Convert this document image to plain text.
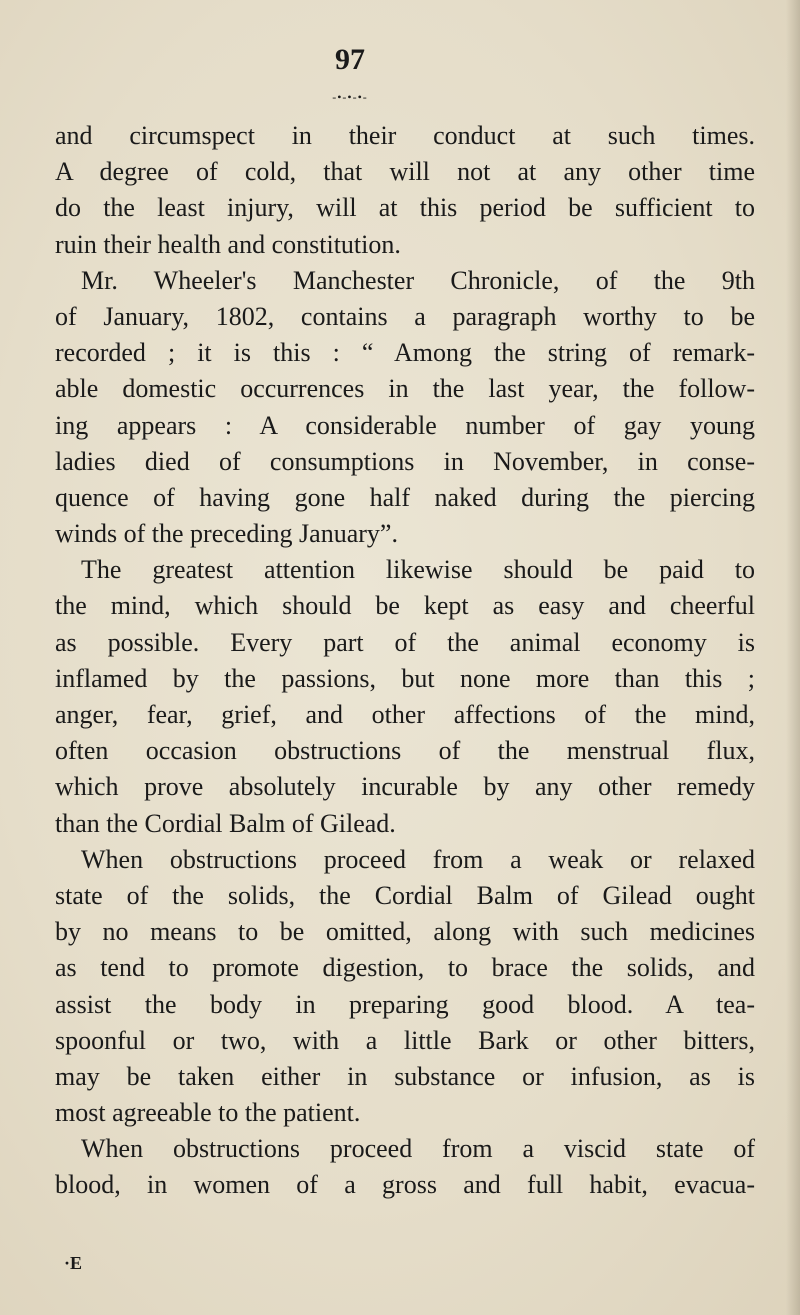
97
-•-•-•-
and circumspect in their conduct at such times.
A degree of cold, that will not at any other time
do the least injury, will at this period be sufficient to
ruin their health and constitution.
Mr. Wheeler's Manchester Chronicle, of the 9th
of January, 1802, contains a paragraph worthy to be
recorded ; it is this : “ Among the string of remark-
able domestic occurrences in the last year, the follow-
ing appears : A considerable number of gay young
ladies died of consumptions in November, in conse-
quence of having gone half naked during the piercing
winds of the preceding January”.
The greatest attention likewise should be paid to
the mind, which should be kept as easy and cheerful
as possible. Every part of the animal economy is
inflamed by the passions, but none more than this ;
anger, fear, grief, and other affections of the mind,
often occasion obstructions of the menstrual flux,
which prove absolutely incurable by any other remedy
than the Cordial Balm of Gilead.
When obstructions proceed from a weak or relaxed
state of the solids, the Cordial Balm of Gilead ought
by no means to be omitted, along with such medicines
as tend to promote digestion, to brace the solids, and
assist the body in preparing good blood. A tea-
spoonful or two, with a little Bark or other bitters,
may be taken either in substance or infusion, as is
most agreeable to the patient.
When obstructions proceed from a viscid state of
blood, in women of a gross and full habit, evacua-
·E
